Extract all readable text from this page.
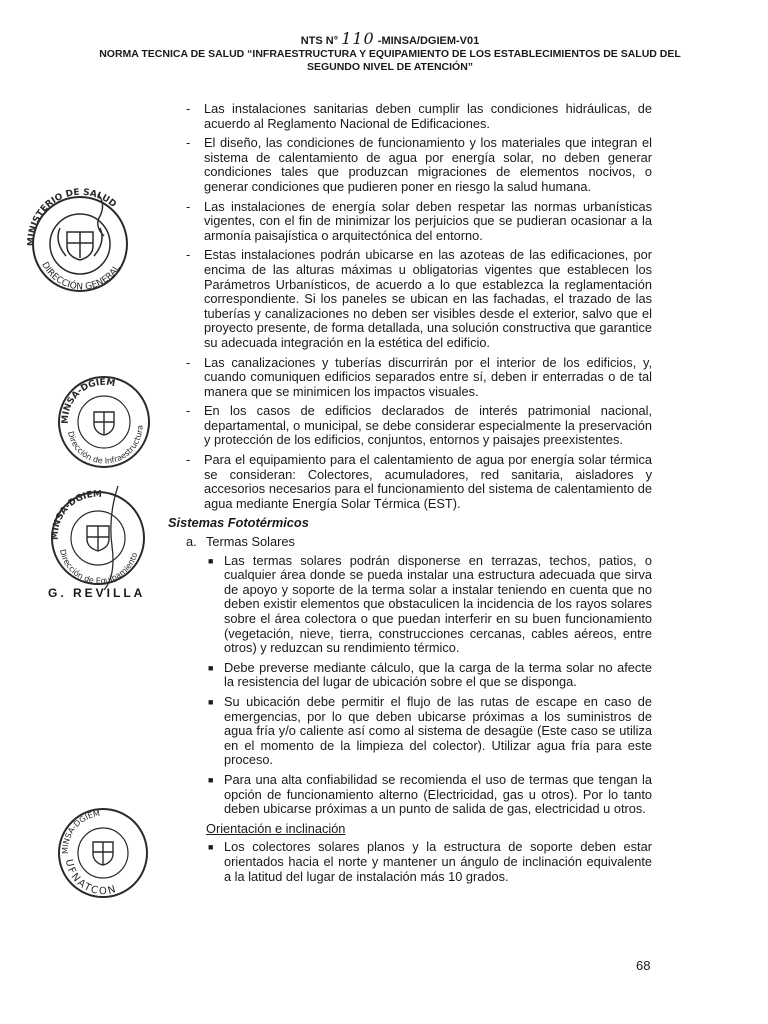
NTS N° 110 -MINSA/DGIEM-V01
NORMA TECNICA DE SALUD “INFRAESTRUCTURA Y EQUIPAMIENTO DE LOS ESTABLECIMIENTOS DE SALUD DEL SEGUNDO NIVEL DE ATENCIÓN”
MINISTERIO DE SALUD
DIRECCIÓN GENERAL
MINSA-DGIEM
Dirección de Infraestructura
MINSA-DGIEM
Dirección de Equipamiento
G. REVILLA
MINSA-DGIEM
UFNATCON
- Las instalaciones sanitarias deben cumplir las condiciones hidráulicas, de acuerdo al Reglamento Nacional de Edificaciones.
- El diseño, las condiciones de funcionamiento y los materiales que integran el sistema de calentamiento de agua por energía solar, no deben generar condiciones tales que produzcan migraciones de elementos nocivos, o generar condiciones que pudieren poner en riesgo la salud humana.
- Las instalaciones de energía solar deben respetar las normas urbanísticas vigentes, con el fin de minimizar los perjuicios que se pudieran ocasionar a la armonía paisajística o arquitectónica del entorno.
- Estas instalaciones podrán ubicarse en las azoteas de las edificaciones, por encima de las alturas máximas u obligatorias vigentes que establecen los Parámetros Urbanísticos, de acuerdo a lo que establezca la reglamentación correspondiente. Si los paneles se ubican en las fachadas, el trazado de las tuberías y canalizaciones no deben ser visibles desde el exterior, salvo que el proyecto presente, de forma detallada, una solución constructiva que garantice su adecuada integración en la estética del edificio.
- Las canalizaciones y tuberías discurrirán por el interior de los edificios, y, cuando comuniquen edificios separados entre sí, deben ir enterradas o de tal manera que se minimicen los impactos visuales.
- En los casos de edificios declarados de interés patrimonial nacional, departamental, o municipal, se debe considerar especialmente la preservación y protección de los edificios, conjuntos, entornos y paisajes preexistentes.
- Para el equipamiento para el calentamiento de agua por energía solar térmica se consideran: Colectores, acumuladores, red sanitaria, aisladores y accesorios necesarios para el funcionamiento del sistema de calentamiento de agua mediante Energía Solar Térmica (EST).
Sistemas Fototérmicos
a. Termas Solares
■ Las termas solares podrán disponerse en terrazas, techos, patios, o cualquier área donde se pueda instalar una estructura adecuada que sirva de apoyo y soporte de la terma solar a instalar teniendo en cuenta que no deben existir elementos que obstaculicen la incidencia de los rayos solares sobre el área colectora o que puedan interferir en su buen funcionamiento (vegetación, nieve, tierra, construcciones cercanas, cables aéreos, entre otros) y reduzcan su rendimiento térmico.
■ Debe preverse mediante cálculo, que la carga de la terma solar no afecte la resistencia del lugar de ubicación sobre el que se disponga.
■ Su ubicación debe permitir el flujo de las rutas de escape en caso de emergencias, por lo que deben ubicarse próximas a los suministros de agua fría y/o caliente así como al sistema de desagüe (Este caso se utiliza en el momento de la limpieza del colector). Utilizar agua fría para este proceso.
■ Para una alta confiabilidad se recomienda el uso de termas que tengan la opción de funcionamiento alterno (Electricidad, gas u otros). Por lo tanto deben ubicarse próximas a un punto de salida de gas, electricidad u otros.
Orientación e inclinación
■ Los colectores solares planos y la estructura de soporte deben estar orientados hacia el norte y mantener un ángulo de inclinación equivalente a la latitud del lugar de instalación más 10 grados.
68
